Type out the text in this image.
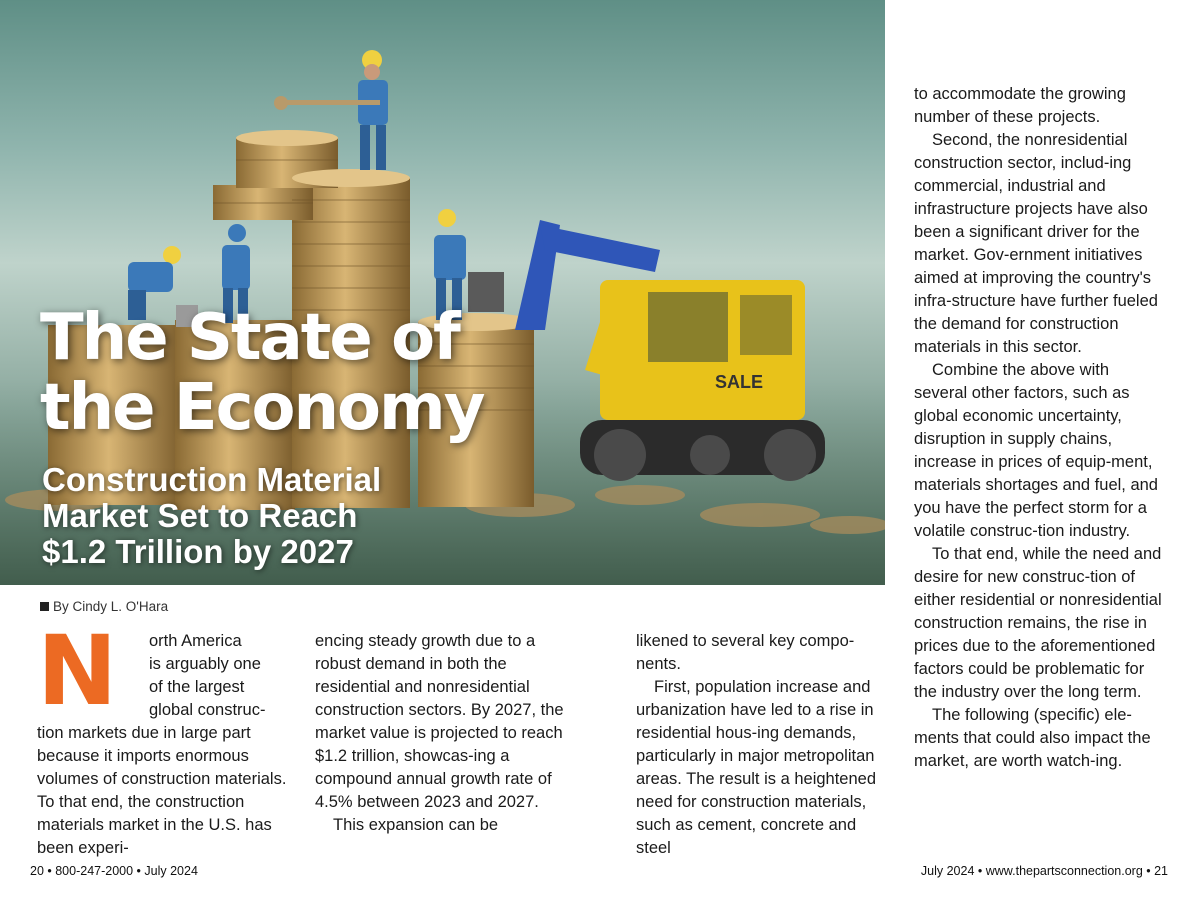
SALE
The State of
the Economy
Construction Material
Market Set to Reach
$1.2 Trillion by 2027
By Cindy L. O'Hara
N	orth America
is arguably one
of the largest
global construc- tion markets due in large part because it imports enormous volumes of construction materials. To that end, the construction materials market in the U.S. has been experi-

encing steady growth due to a robust demand in both the residential and nonresidential construction sectors. By 2027, the market value is projected to reach $1.2 trillion, showcas-ing a compound annual growth rate of 4.5% between 2023 and 2027.

This expansion can be

likened to several key compo-nents.

First, population increase and urbanization have led to a rise in residential hous-ing demands, particularly in major metropolitan areas. The result is a heightened need for construction materials, such as cement, concrete and steel

to accommodate the growing number of these projects.

Second, the nonresidential construction sector, includ-ing commercial, industrial and infrastructure projects have also been a significant driver for the market. Gov-ernment initiatives aimed at improving the country's infra-structure have further fueled the demand for construction materials in this sector.

Combine the above with several other factors, such as global economic uncertainty, disruption in supply chains, increase in prices of equip-ment, materials shortages and fuel, and you have the perfect storm for a volatile construc-tion industry.

To that end, while the need and desire for new construc-tion of either residential or nonresidential construction remains, the rise in prices due to the aforementioned factors could be problematic for the industry over the long term.

The following (specific) ele-ments that could also impact the market, are worth watch-ing.

20 • 800-247-2000 • July 2024	July 2024 • www.thepartsconnection.org • 21
